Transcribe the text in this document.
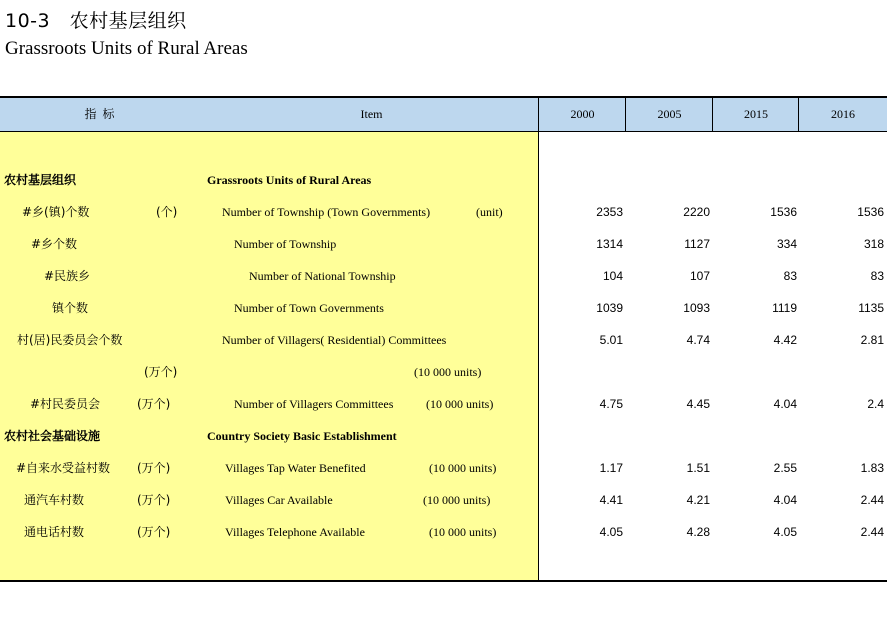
10-3　农村基层组织
Grassroots Units of Rural Areas
指标	Item	2000	2005	2015	2016
农村基层组织	Grassroots Units of Rural Areas
#乡(镇)个数	(个)	Number of Township (Town Governments)	(unit)	2353	2220	1536	1536
#乡个数	Number of Township	1314	1127	334	318
#民族乡	Number of National Township	104	107	83	83
镇个数	Number of Town Governments	1039	1093	1119	1135
村(居)民委员会个数	Number of Villagers( Residential) Committees	5.01	4.74	4.42	2.81
(万个)	(10 000 units)
#村民委员会	(万个)	Number of Villagers Committees	(10 000 units)	4.75	4.45	4.04	2.4
农村社会基础设施	Country Society Basic Establishment
#自来水受益村数 (万个)	Villages Tap Water Benefited	(10 000 units)	1.17	1.51	2.55	1.83
通汽车村数	(万个)	Villages Car Available	(10 000 units)	4.41	4.21	4.04	2.44
通电话村数	(万个)	Villages Telephone Available	(10 000 units)	4.05	4.28	4.05	2.44
